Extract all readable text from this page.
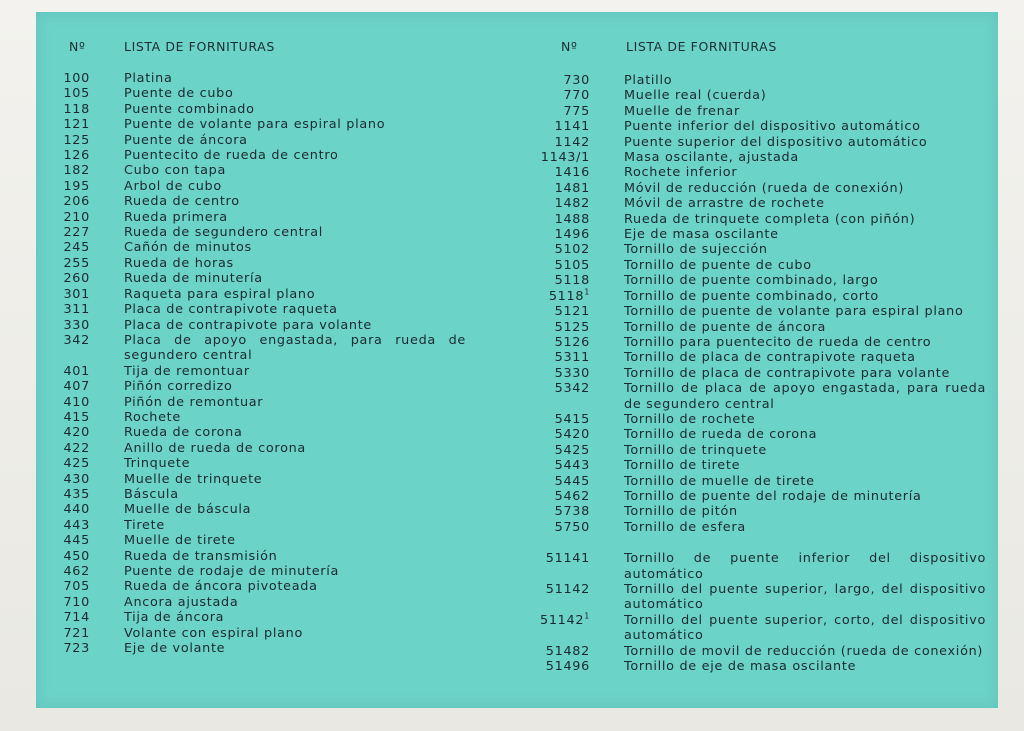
Nº	LISTA DE FORNITURAS
100	Platina
105	Puente de cubo
118	Puente combinado
121	Puente de volante para espiral plano
125	Puente de áncora
126	Puentecito de rueda de centro
182	Cubo con tapa
195	Arbol de cubo
206	Rueda de centro
210	Rueda primera
227	Rueda de segundero central
245	Cañón de minutos
255	Rueda de horas
260	Rueda de minutería
301	Raqueta para espiral plano
311	Placa de contrapivote raqueta
330	Placa de contrapivote para volante
342	Placa de apoyo engastada, para rueda de segundero central
401	Tija de remontuar
407	Piñón corredizo
410	Piñón de remontuar
415	Rochete
420	Rueda de corona
422	Anillo de rueda de corona
425	Trinquete
430	Muelle de trinquete
435	Báscula
440	Muelle de báscula
443	Tirete
445	Muelle de tirete
450	Rueda de transmisión
462	Puente de rodaje de minutería
705	Rueda de áncora pivoteada
710	Ancora ajustada
714	Tija de áncora
721	Volante con espiral plano
723	Eje de volante
Nº	LISTA DE FORNITURAS
730	Platillo
770	Muelle real (cuerda)
775	Muelle de frenar
1141	Puente inferior del dispositivo automático
1142	Puente superior del dispositivo automático
1143/1	Masa oscilante, ajustada
1416	Rochete inferior
1481	Móvil de reducción (rueda de conexión)
1482	Móvil de arrastre de rochete
1488	Rueda de trinquete completa (con piñón)
1496	Eje de masa oscilante
5102	Tornillo de sujección
5105	Tornillo de puente de cubo
5118	Tornillo de puente combinado, largo
5118$^1$	Tornillo de puente combinado, corto
5121	Tornillo de puente de volante para espiral plano
5125	Tornillo de puente de áncora
5126	Tornillo para puentecito de rueda de centro
5311	Tornillo de placa de contrapivote raqueta
5330	Tornillo de placa de contrapivote para volante
5342	Tornillo de placa de apoyo engastada, para rueda de segundero central
5415	Tornillo de rochete
5420	Tornillo de rueda de corona
5425	Tornillo de trinquete
5443	Tornillo de tirete
5445	Tornillo de muelle de tirete
5462	Tornillo de puente del rodaje de minutería
5738	Tornillo de pitón
5750	Tornillo de esfera
51141	Tornillo de puente inferior del dispositivo automático
51142	Tornillo del puente superior, largo, del dispositivo automático
51142$^1$	Tornillo del puente superior, corto, del dispositivo automático
51482	Tornillo de movil de reducción (rueda de conexión)
51496	Tornillo de eje de masa oscilante
